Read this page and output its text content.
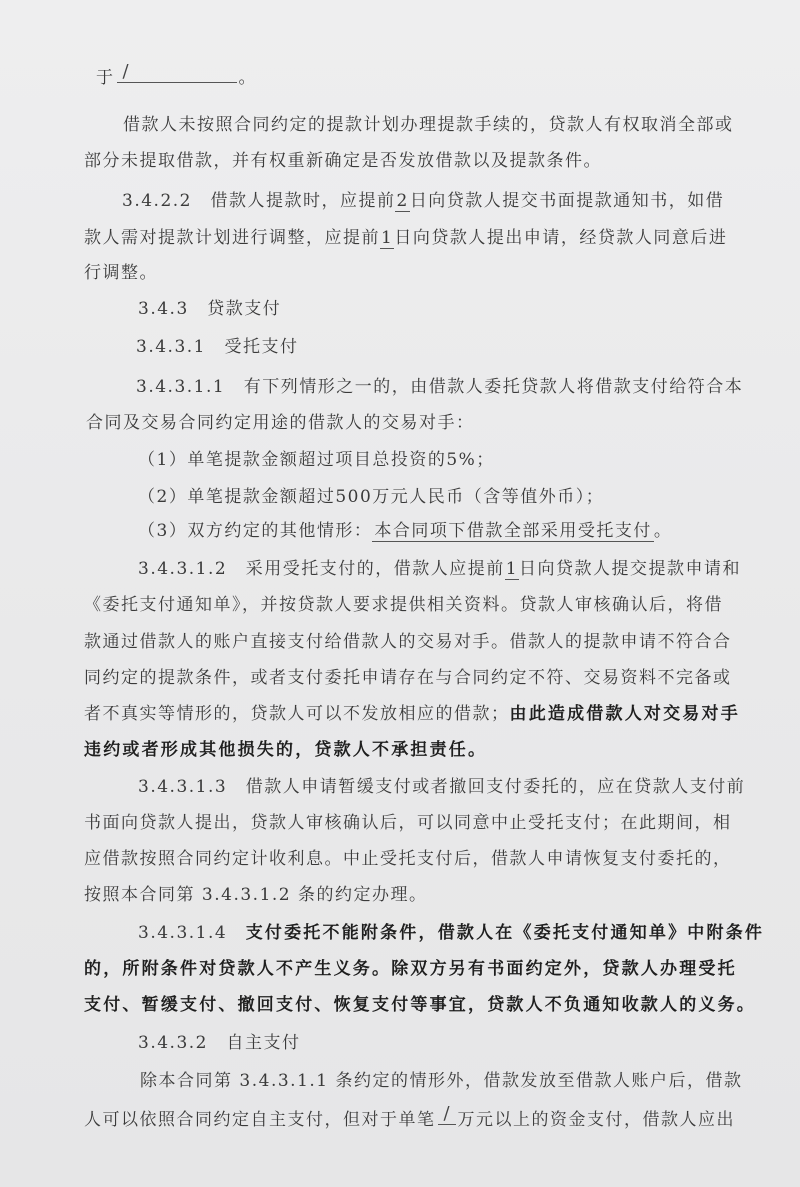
于 /	。
借款人未按照合同约定的提款计划办理提款手续的，贷款人有权取消全部或
部分未提取借款，并有权重新确定是否发放借款以及提款条件。
3.4.2.2　借款人提款时，应提前2日向贷款人提交书面提款通知书，如借
款人需对提款计划进行调整，应提前1日向贷款人提出申请，经贷款人同意后进
行调整。
3.4.3　贷款支付
3.4.3.1　受托支付
3.4.3.1.1　有下列情形之一的，由借款人委托贷款人将借款支付给符合本
合同及交易合同约定用途的借款人的交易对手：
（1）单笔提款金额超过项目总投资的5%；
（2）单笔提款金额超过500万元人民币（含等值外币）；
（3）双方约定的其他情形： 本合同项下借款全部采用受托支付 。
3.4.3.1.2　采用受托支付的，借款人应提前1日向贷款人提交提款申请和
《委托支付通知单》，并按贷款人要求提供相关资料。贷款人审核确认后，将借
款通过借款人的账户直接支付给借款人的交易对手。借款人的提款申请不符合合
同约定的提款条件，或者支付委托申请存在与合同约定不符、交易资料不完备或
者不真实等情形的，贷款人可以不发放相应的借款；由此造成借款人对交易对手
违约或者形成其他损失的，贷款人不承担责任。
3.4.3.1.3　借款人申请暂缓支付或者撤回支付委托的，应在贷款人支付前
书面向贷款人提出，贷款人审核确认后，可以同意中止受托支付；在此期间，相
应借款按照合同约定计收利息。中止受托支付后，借款人申请恢复支付委托的，
按照本合同第 3.4.3.1.2 条的约定办理。
3.4.3.1.4　支付委托不能附条件，借款人在《委托支付通知单》中附条件
的，所附条件对贷款人不产生义务。除双方另有书面约定外，贷款人办理受托
支付、暂缓支付、撤回支付、恢复支付等事宜，贷款人不负通知收款人的义务。
3.4.3.2　自主支付
除本合同第 3.4.3.1.1 条约定的情形外，借款发放至借款人账户后，借款
人可以依照合同约定自主支付，但对于单笔 / 万元以上的资金支付，借款人应出
